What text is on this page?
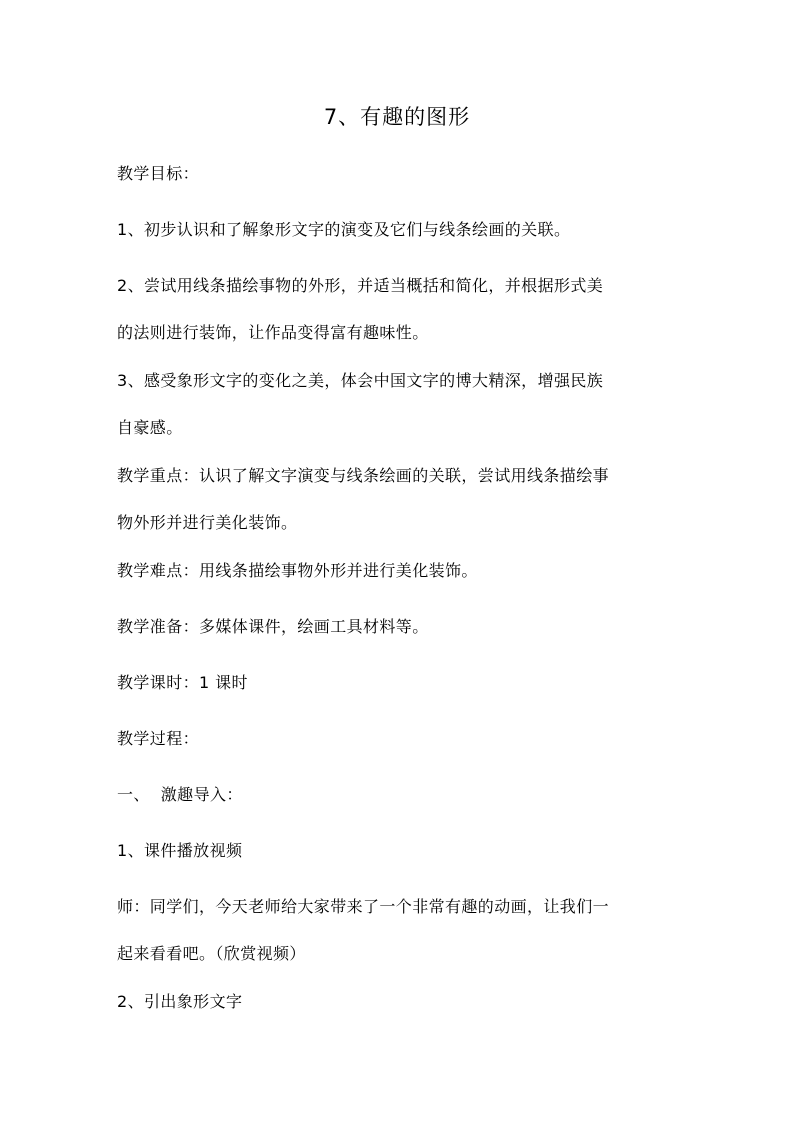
7、有趣的图形
教学目标：
1、初步认识和了解象形文字的演变及它们与线条绘画的关联。
2、尝试用线条描绘事物的外形，并适当概括和简化，并根据形式美
的法则进行装饰，让作品变得富有趣味性。
3、感受象形文字的变化之美，体会中国文字的博大精深，增强民族
自豪感。
教学重点：认识了解文字演变与线条绘画的关联，尝试用线条描绘事
物外形并进行美化装饰。
教学难点：用线条描绘事物外形并进行美化装饰。
教学准备：多媒体课件，绘画工具材料等。
教学课时：1 课时
教学过程：
一、  激趣导入：
1、课件播放视频
师：同学们，今天老师给大家带来了一个非常有趣的动画，让我们一
起来看看吧。（欣赏视频）
2、引出象形文字
